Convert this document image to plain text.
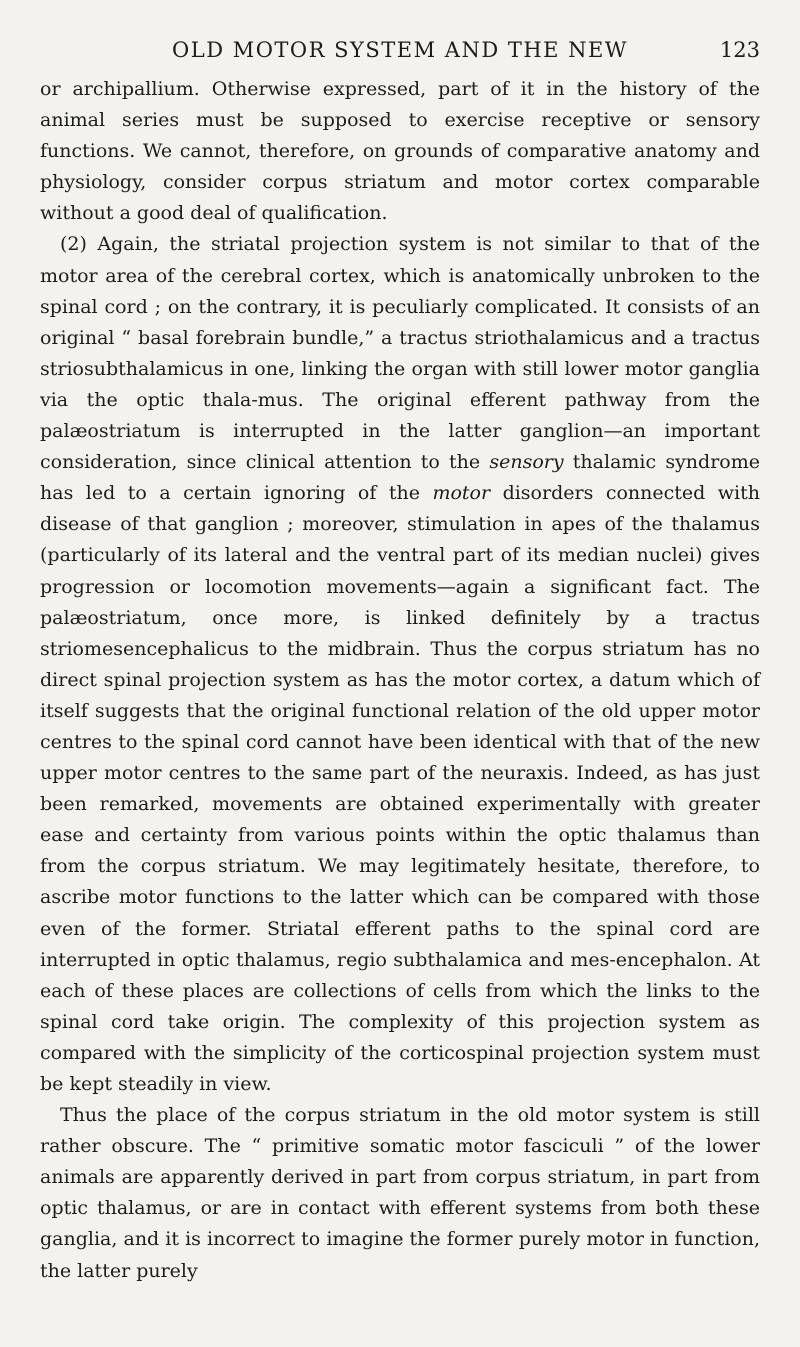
OLD MOTOR SYSTEM AND THE NEW	123

or archipallium. Otherwise expressed, part of it in the history of the animal series must be supposed to exercise receptive or sensory functions. We cannot, therefore, on grounds of comparative anatomy and physiology, consider corpus striatum and motor cortex comparable without a good deal of qualification.

(2) Again, the striatal projection system is not similar to that of the motor area of the cerebral cortex, which is anatomically unbroken to the spinal cord ; on the contrary, it is peculiarly complicated. It consists of an original “ basal forebrain bundle,” a tractus striothalamicus and a tractus striosubthalamicus in one, linking the organ with still lower motor ganglia via the optic thala-mus. The original efferent pathway from the palæostriatum is interrupted in the latter ganglion—an important consideration, since clinical attention to the sensory thalamic syndrome has led to a certain ignoring of the motor disorders connected with disease of that ganglion ; moreover, stimulation in apes of the thalamus (particularly of its lateral and the ventral part of its median nuclei) gives progression or locomotion movements—again a significant fact. The palæostriatum, once more, is linked definitely by a tractus striomesencephalicus to the midbrain. Thus the corpus striatum has no direct spinal projection system as has the motor cortex, a datum which of itself suggests that the original functional relation of the old upper motor centres to the spinal cord cannot have been identical with that of the new upper motor centres to the same part of the neuraxis. Indeed, as has just been remarked, movements are obtained experimentally with greater ease and certainty from various points within the optic thalamus than from the corpus striatum. We may legitimately hesitate, therefore, to ascribe motor functions to the latter which can be compared with those even of the former. Striatal efferent paths to the spinal cord are interrupted in optic thalamus, regio subthalamica and mes-encephalon. At each of these places are collections of cells from which the links to the spinal cord take origin. The complexity of this projection system as compared with the simplicity of the corticospinal projection system must be kept steadily in view.

Thus the place of the corpus striatum in the old motor system is still rather obscure. The “ primitive somatic motor fasciculi ” of the lower animals are apparently derived in part from corpus striatum, in part from optic thalamus, or are in contact with efferent systems from both these ganglia, and it is incorrect to imagine the former purely motor in function, the latter purely
